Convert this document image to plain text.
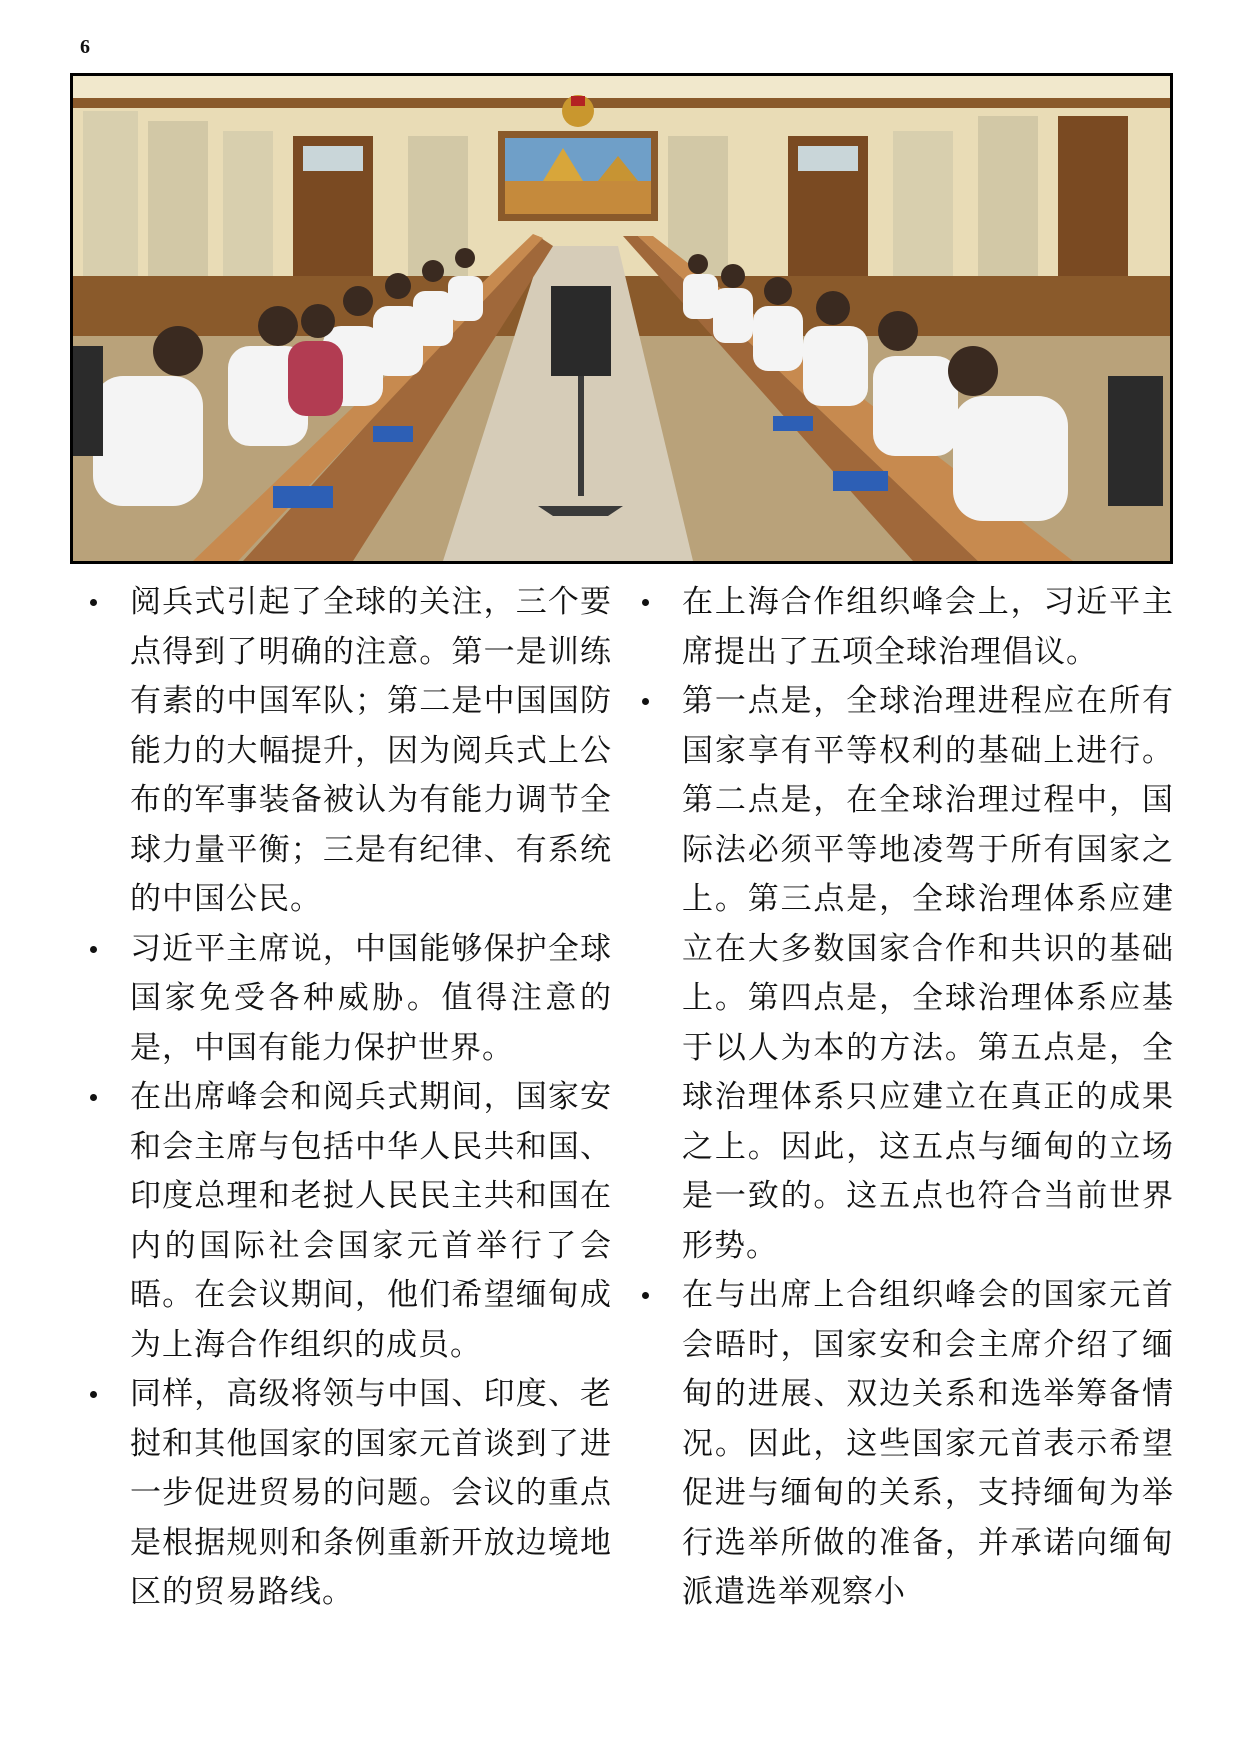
6
阅兵式引起了全球的关注，三个要点得到了明确的注意。第一是训练有素的中国军队；第二是中国国防能力的大幅提升，因为阅兵式上公布的军事装备被认为有能力调节全球力量平衡；三是有纪律、有系统的中国公民。
习近平主席说，中国能够保护全球国家免受各种威胁。值得注意的是，中国有能力保护世界。
在出席峰会和阅兵式期间，国家安和会主席与包括中华人民共和国、印度总理和老挝人民民主共和国在内的国际社会国家元首举行了会晤。在会议期间，他们希望缅甸成为上海合作组织的成员。
同样，高级将领与中国、印度、老挝和其他国家的国家元首谈到了进一步促进贸易的问题。会议的重点是根据规则和条例重新开放边境地区的贸易路线。
在上海合作组织峰会上，习近平主席提出了五项全球治理倡议。
第一点是，全球治理进程应在所有国家享有平等权利的基础上进行。第二点是，在全球治理过程中，国际法必须平等地凌驾于所有国家之上。第三点是，全球治理体系应建立在大多数国家合作和共识的基础上。第四点是，全球治理体系应基于以人为本的方法。第五点是，全球治理体系只应建立在真正的成果之上。因此，这五点与缅甸的立场是一致的。这五点也符合当前世界形势。
在与出席上合组织峰会的国家元首会晤时，国家安和会主席介绍了缅甸的进展、双边关系和选举筹备情况。因此，这些国家元首表示希望促进与缅甸的关系，支持缅甸为举行选举所做的准备，并承诺向缅甸派遣选举观察小
